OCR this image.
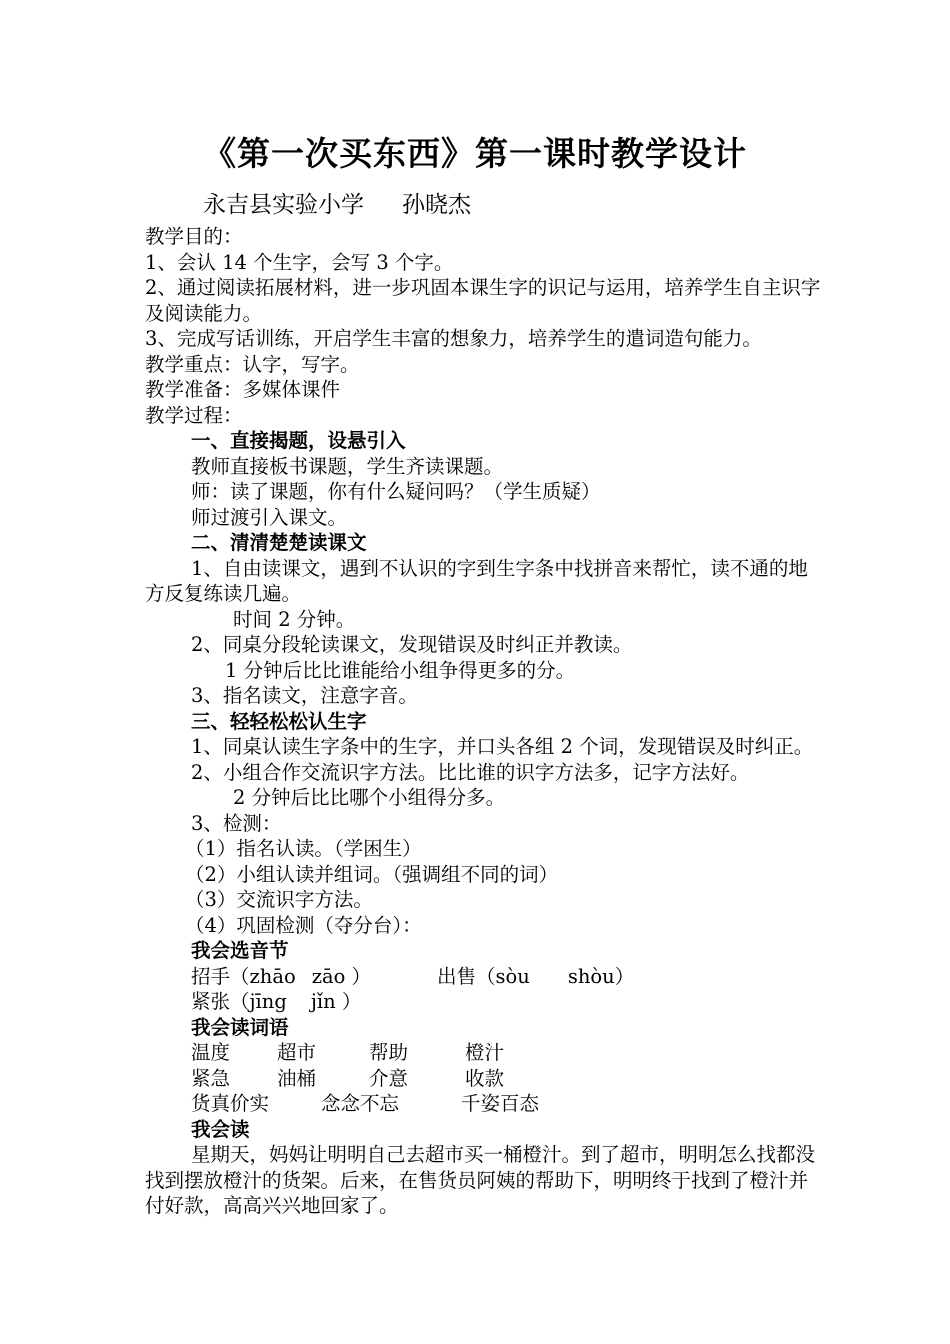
《第一次买东西》第一课时教学设计
永吉县实验小学 孙晓杰
教学目的：
1、会认 14 个生字，会写 3 个字。
2、通过阅读拓展材料，进一步巩固本课生字的识记与运用，培养学生自主识字及阅读能力。
3、完成写话训练，开启学生丰富的想象力，培养学生的遣词造句能力。
教学重点：认字，写字。
教学准备：多媒体课件
教学过程：
一、直接揭题，设悬引入
教师直接板书课题，学生齐读课题。
师：读了课题，你有什么疑问吗？（学生质疑）
师过渡引入课文。
二、清清楚楚读课文
1、自由读课文，遇到不认识的字到生字条中找拼音来帮忙，读不通的地方反复练读几遍。
时间 2 分钟。
2、同桌分段轮读课文，发现错误及时纠正并教读。
1 分钟后比比谁能给小组争得更多的分。
3、指名读文，注意字音。
三、轻轻松松认生字
1、同桌认读生字条中的生字，并口头各组 2 个词，发现错误及时纠正。
2、小组合作交流识字方法。比比谁的识字方法多，记字方法好。
2 分钟后比比哪个小组得分多。
3、检测：
（1）指名认读。（学困生）
（2）小组认读并组词。（强调组不同的词）
（3）交流识字方法。
（4）巩固检测（夺分台）：
我会选音节
招手（zhāo zāo ）	出售（sòu shòu）
紧张（jīng jǐn ）
我会读词语
温度 超市	帮助	橙汁
紧急 油桶	介意	收款
货真价实	念念不忘	千姿百态
我会读
星期天，妈妈让明明自己去超市买一桶橙汁。到了超市，明明怎么找都没找到摆放橙汁的货架。后来，在售货员阿姨的帮助下，明明终于找到了橙汁并付好款，高高兴兴地回家了。
